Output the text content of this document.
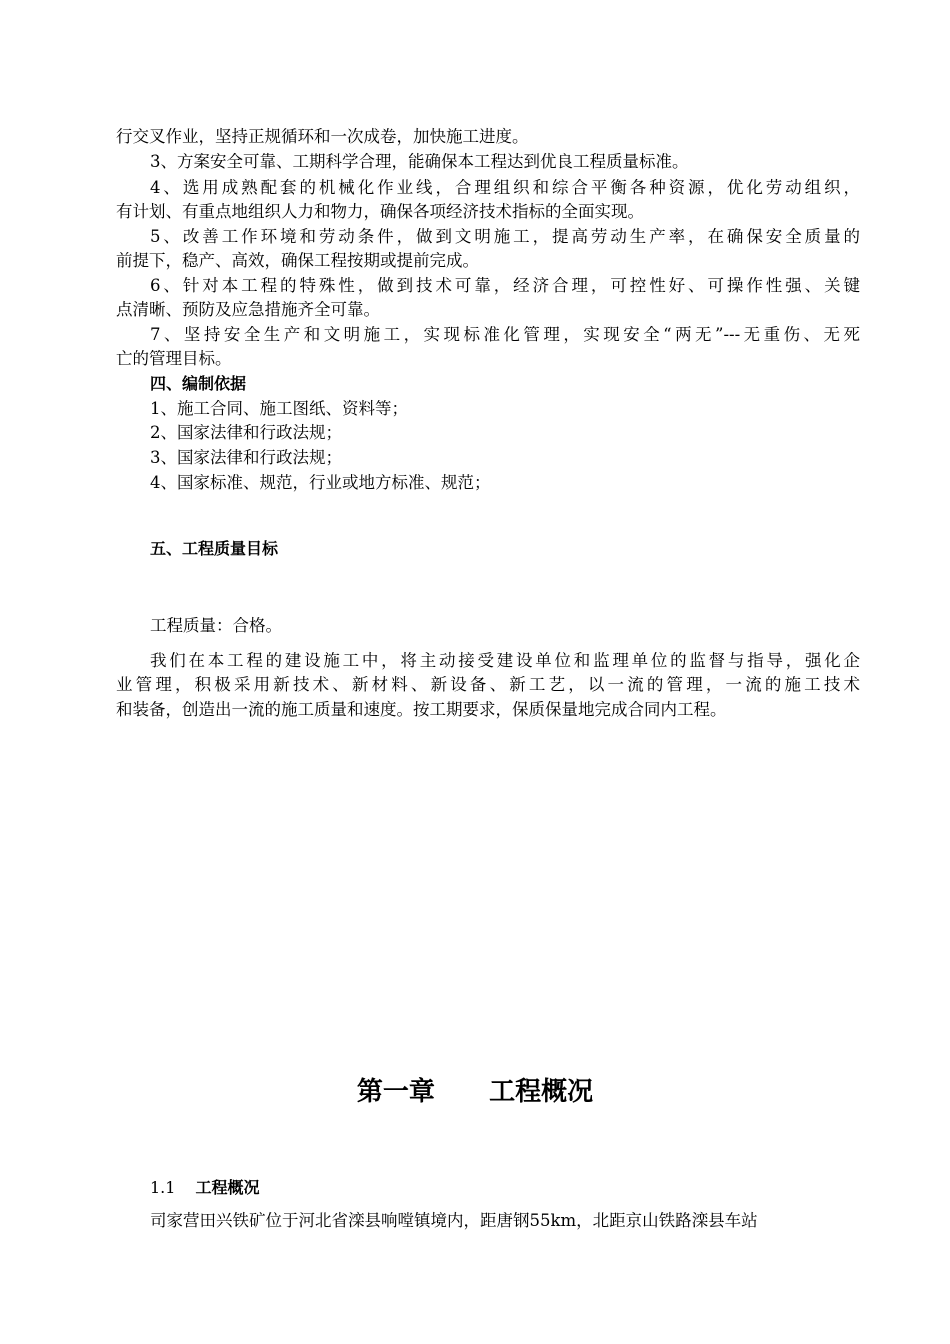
行交叉作业，坚持正规循环和一次成卷，加快施工进度。
3、方案安全可靠、工期科学合理，能确保本工程达到优良工程质量标准。
4、选用成熟配套的机械化作业线，合理组织和综合平衡各种资源，优化劳动组织，
有计划、有重点地组织人力和物力，确保各项经济技术指标的全面实现。
5、改善工作环境和劳动条件，做到文明施工，提高劳动生产率，在确保安全质量的
前提下，稳产、高效，确保工程按期或提前完成。
6、针对本工程的特殊性，做到技术可靠，经济合理，可控性好、可操作性强、关键
点清晰、预防及应急措施齐全可靠。
7、坚持安全生产和文明施工，实现标准化管理，实现安全“两无”---无重伤、无死
亡的管理目标。
四、编制依据
1、施工合同、施工图纸、资料等；
2、国家法律和行政法规；
3、国家法律和行政法规；
4、国家标准、规范，行业或地方标准、规范；
五、工程质量目标
工程质量：合格。
我们在本工程的建设施工中，将主动接受建设单位和监理单位的监督与指导，强化企
业管理，积极采用新技术、新材料、新设备、新工艺，以一流的管理，一流的施工技术
和装备，创造出一流的施工质量和速度。按工期要求，保质保量地完成合同内工程。
第一章      工程概况
1.1 工程概况
司家营田兴铁矿位于河北省滦县响嘡镇境内，距唐钢55km，北距京山铁路滦县车站
